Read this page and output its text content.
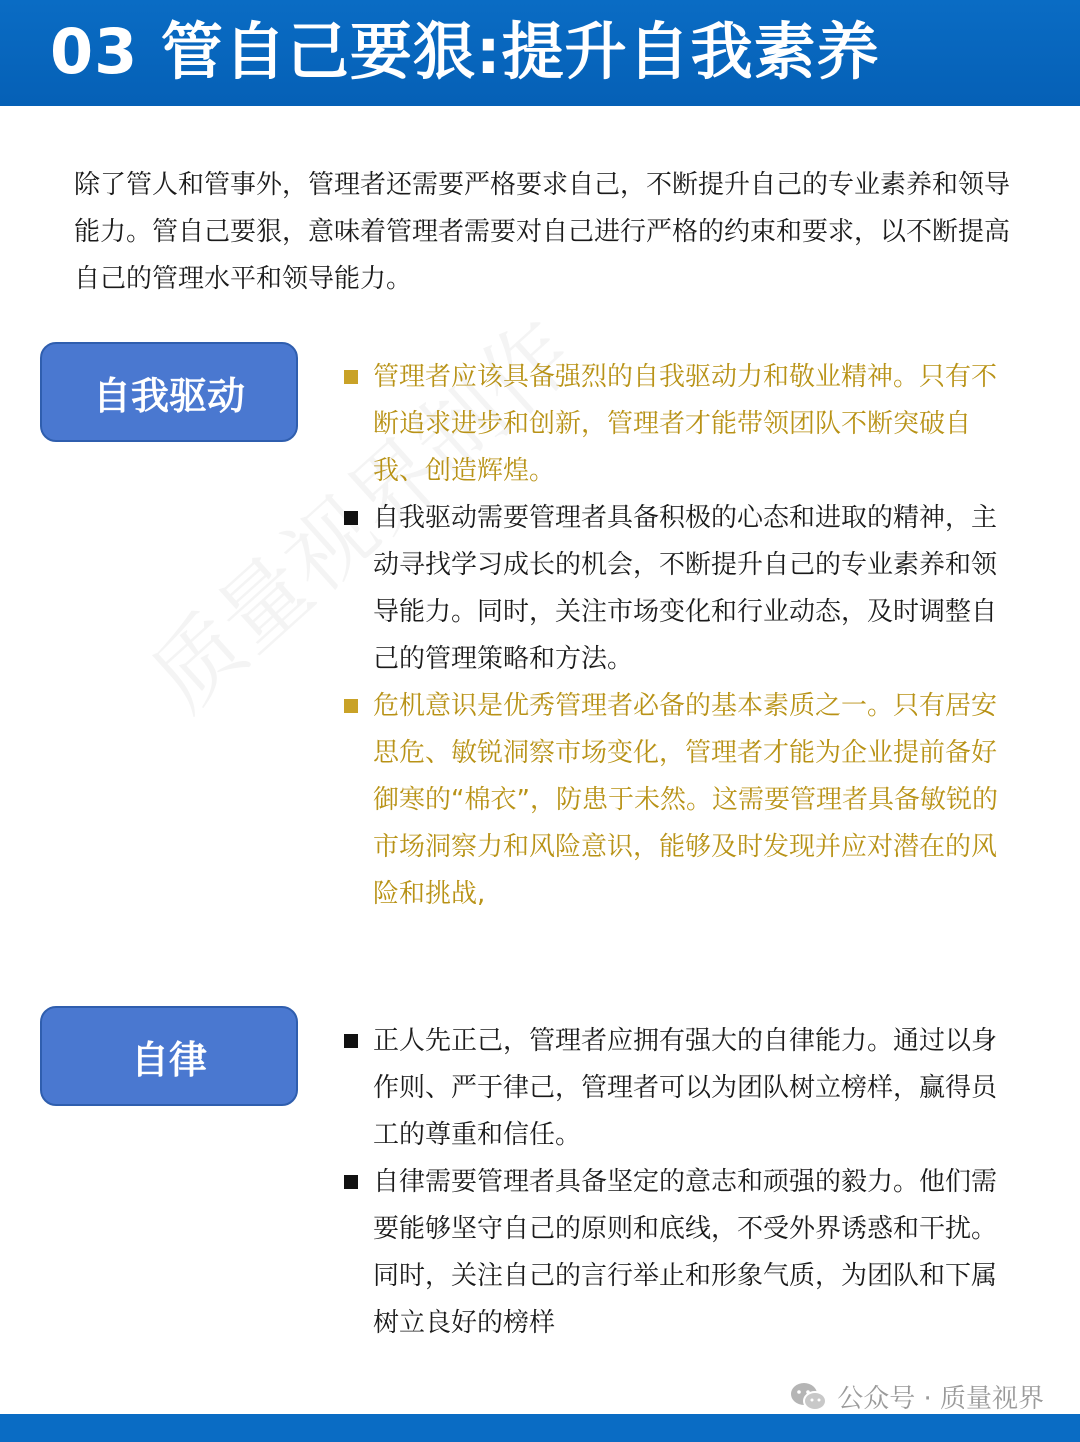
03 管自己要狠:提升自我素养
除了管人和管事外，管理者还需要严格要求自己，不断提升自己的专业素养和领导能力。管自己要狠，意味着管理者需要对自己进行严格的约束和要求，以不断提高自己的管理水平和领导能力。
自我驱动	管理者应该具备强烈的自我驱动力和敬业精神。只有不断追求进步和创新，管理者才能带领团队不断突破自我、创造辉煌。
自我驱动需要管理者具备积极的心态和进取的精神，主动寻找学习成长的机会，不断提升自己的专业素养和领导能力。同时，关注市场变化和行业动态，及时调整自己的管理策略和方法。
危机意识是优秀管理者必备的基本素质之一。只有居安思危、敏锐洞察市场变化，管理者才能为企业提前备好御寒的“棉衣”，防患于未然。这需要管理者具备敏锐的市场洞察力和风险意识，能够及时发现并应对潜在的风险和挑战,
自律	正人先正己，管理者应拥有强大的自律能力。通过以身作则、严于律己，管理者可以为团队树立榜样，赢得员工的尊重和信任。
自律需要管理者具备坚定的意志和顽强的毅力。他们需要能够坚守自己的原则和底线，不受外界诱惑和干扰。同时，关注自己的言行举止和形象气质，为团队和下属树立良好的榜样
公众号 · 质量视界
